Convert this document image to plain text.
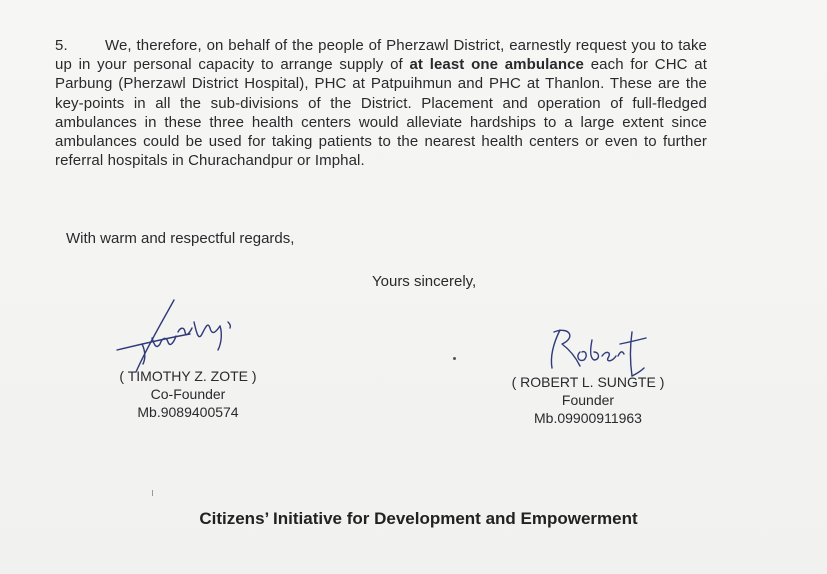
5. We, therefore, on behalf of the people of Pherzawl District, earnestly request you to take up in your personal capacity to arrange supply of at least one ambulance each for CHC at Parbung (Pherzawl District Hospital), PHC at Patpuihmun and PHC at Thanlon. These are the key-points in all the sub-divisions of the District. Placement and operation of full-fledged ambulances in these three health centers would alleviate hardships to a large extent since ambulances could be used for taking patients to the nearest health centers or even to further referral hospitals in Churachandpur or Imphal.
With warm and respectful regards,
Yours sincerely,
( TIMOTHY Z. ZOTE )
Co-Founder
Mb.9089400574
( ROBERT L. SUNGTE )
Founder
Mb.09900911963
Citizens’ Initiative for Development and Empowerment
